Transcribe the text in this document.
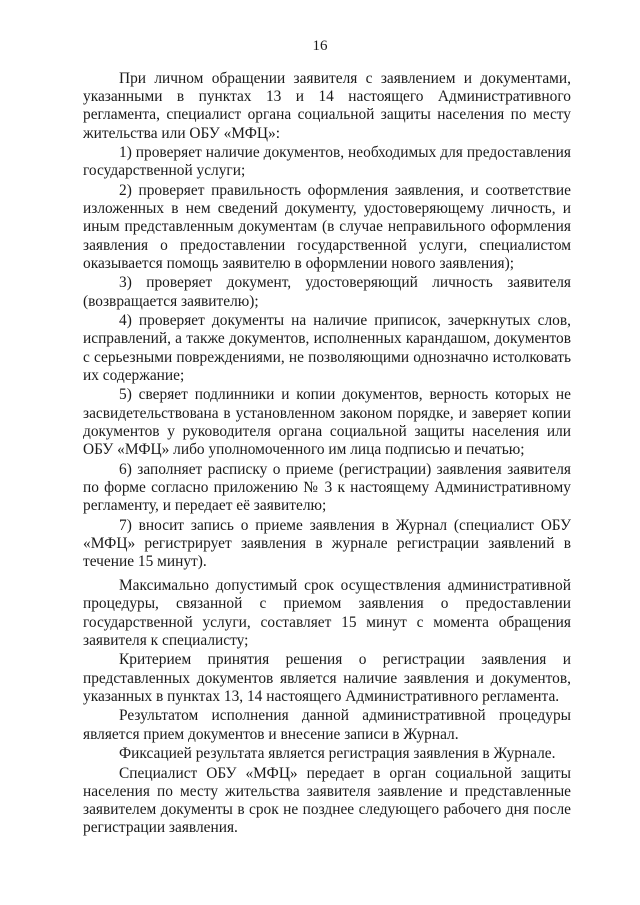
16

При личном обращении заявителя с заявлением и документами, указанными в пунктах 13 и 14 настоящего Административного регламента, специалист органа социальной защиты населения по месту жительства или ОБУ «МФЦ»:

1) проверяет наличие документов, необходимых для предоставления государственной услуги;

2) проверяет правильность оформления заявления, и соответствие изложенных в нем сведений документу, удостоверяющему личность, и иным представленным документам (в случае неправильного оформления заявления о предоставлении государственной услуги, специалистом оказывается помощь заявителю в оформлении нового заявления);

3) проверяет документ, удостоверяющий личность заявителя (возвращается заявителю);

4) проверяет документы на наличие приписок, зачеркнутых слов, исправлений, а также документов, исполненных карандашом, документов с серьезными повреждениями, не позволяющими однозначно истолковать их содержание;

5) сверяет подлинники и копии документов, верность которых не засвидетельствована в установленном законом порядке, и заверяет копии документов у руководителя органа социальной защиты населения или ОБУ «МФЦ» либо уполномоченного им лица подписью и печатью;

6) заполняет расписку о приеме (регистрации) заявления заявителя по форме согласно приложению № 3 к настоящему Административному регламенту, и передает её заявителю;

7) вносит запись о приеме заявления в Журнал (специалист ОБУ «МФЦ» регистрирует заявления в журнале регистрации заявлений в течение 15 минут).

Максимально допустимый срок осуществления административной процедуры, связанной с приемом заявления о предоставлении государственной услуги, составляет 15 минут с момента обращения заявителя к специалисту;

Критерием принятия решения о регистрации заявления и представленных документов является наличие заявления и документов, указанных в пунктах 13, 14 настоящего Административного регламента.

Результатом исполнения данной административной процедуры является прием документов и внесение записи в Журнал.

Фиксацией результата является регистрация заявления в Журнале.

Специалист ОБУ «МФЦ» передает в орган социальной защиты населения по месту жительства заявителя заявление и представленные заявителем документы в срок не позднее следующего рабочего дня после регистрации заявления.
